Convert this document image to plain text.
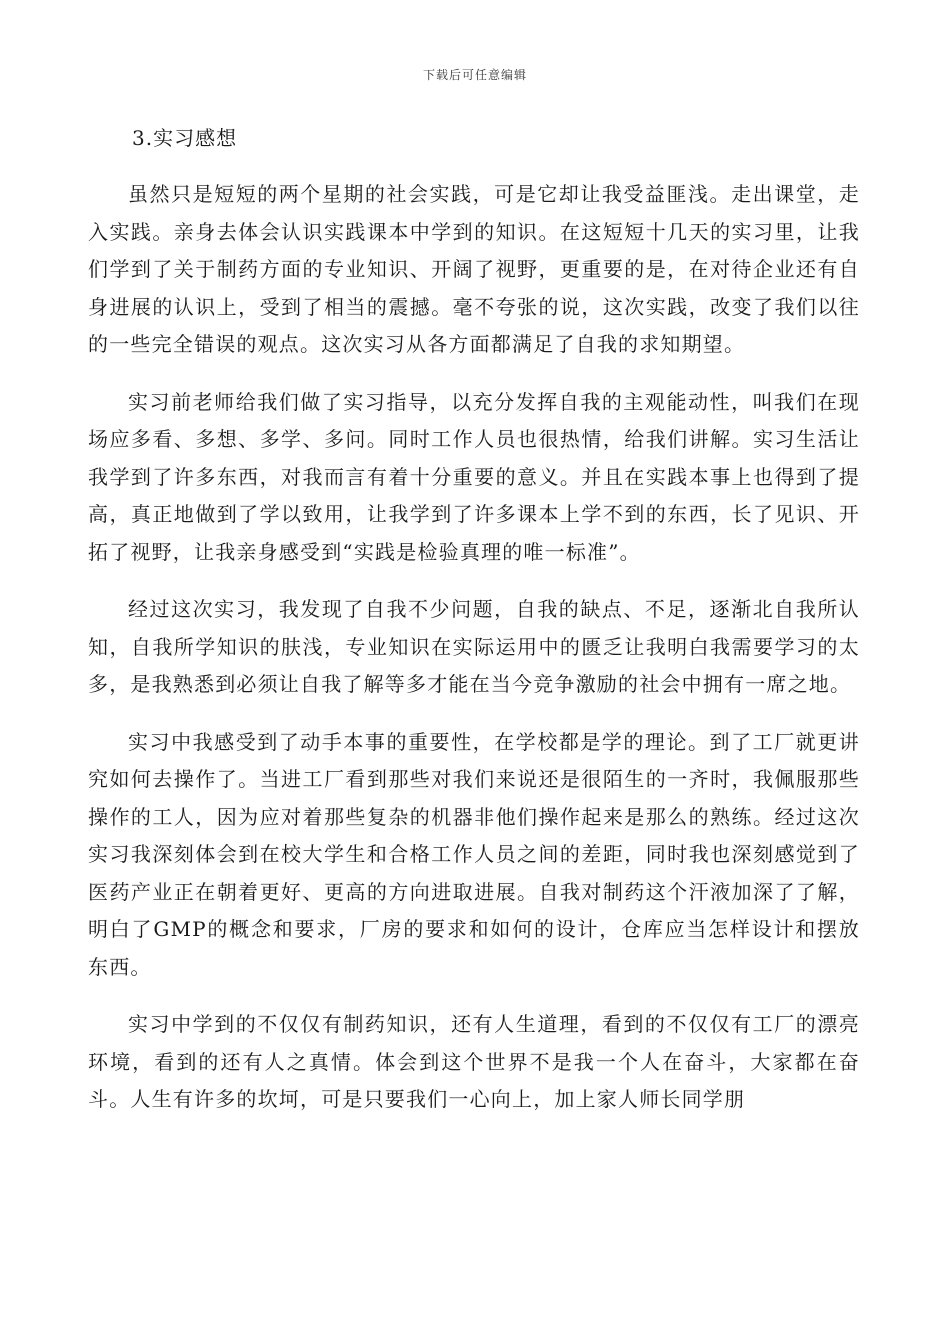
下载后可任意编辑
3.实习感想

虽然只是短短的两个星期的社会实践，可是它却让我受益匪浅。走出课堂，走入实践。亲身去体会认识实践课本中学到的知识。在这短短十几天的实习里，让我们学到了关于制药方面的专业知识、开阔了视野，更重要的是，在对待企业还有自身进展的认识上，受到了相当的震撼。毫不夸张的说，这次实践，改变了我们以往的一些完全错误的观点。这次实习从各方面都满足了自我的求知期望。

实习前老师给我们做了实习指导，以充分发挥自我的主观能动性，叫我们在现场应多看、多想、多学、多问。同时工作人员也很热情，给我们讲解。实习生活让我学到了许多东西，对我而言有着十分重要的意义。并且在实践本事上也得到了提高，真正地做到了学以致用，让我学到了许多课本上学不到的东西，长了见识、开拓了视野，让我亲身感受到“实践是检验真理的唯一标准”。

经过这次实习，我发现了自我不少问题，自我的缺点、不足，逐渐北自我所认知，自我所学知识的肤浅，专业知识在实际运用中的匮乏让我明白我需要学习的太多，是我熟悉到必须让自我了解等多才能在当今竞争激励的社会中拥有一席之地。

实习中我感受到了动手本事的重要性，在学校都是学的理论。到了工厂就更讲究如何去操作了。当进工厂看到那些对我们来说还是很陌生的一齐时，我佩服那些操作的工人，因为应对着那些复杂的机器非他们操作起来是那么的熟练。经过这次实习我深刻体会到在校大学生和合格工作人员之间的差距，同时我也深刻感觉到了医药产业正在朝着更好、更高的方向进取进展。自我对制药这个汗液加深了了解，明白了GMP的概念和要求，厂房的要求和如何的设计，仓库应当怎样设计和摆放东西。

实习中学到的不仅仅有制药知识，还有人生道理，看到的不仅仅有工厂的漂亮环境，看到的还有人之真情。体会到这个世界不是我一个人在奋斗，大家都在奋斗。人生有许多的坎坷，可是只要我们一心向上，加上家人师长同学朋
